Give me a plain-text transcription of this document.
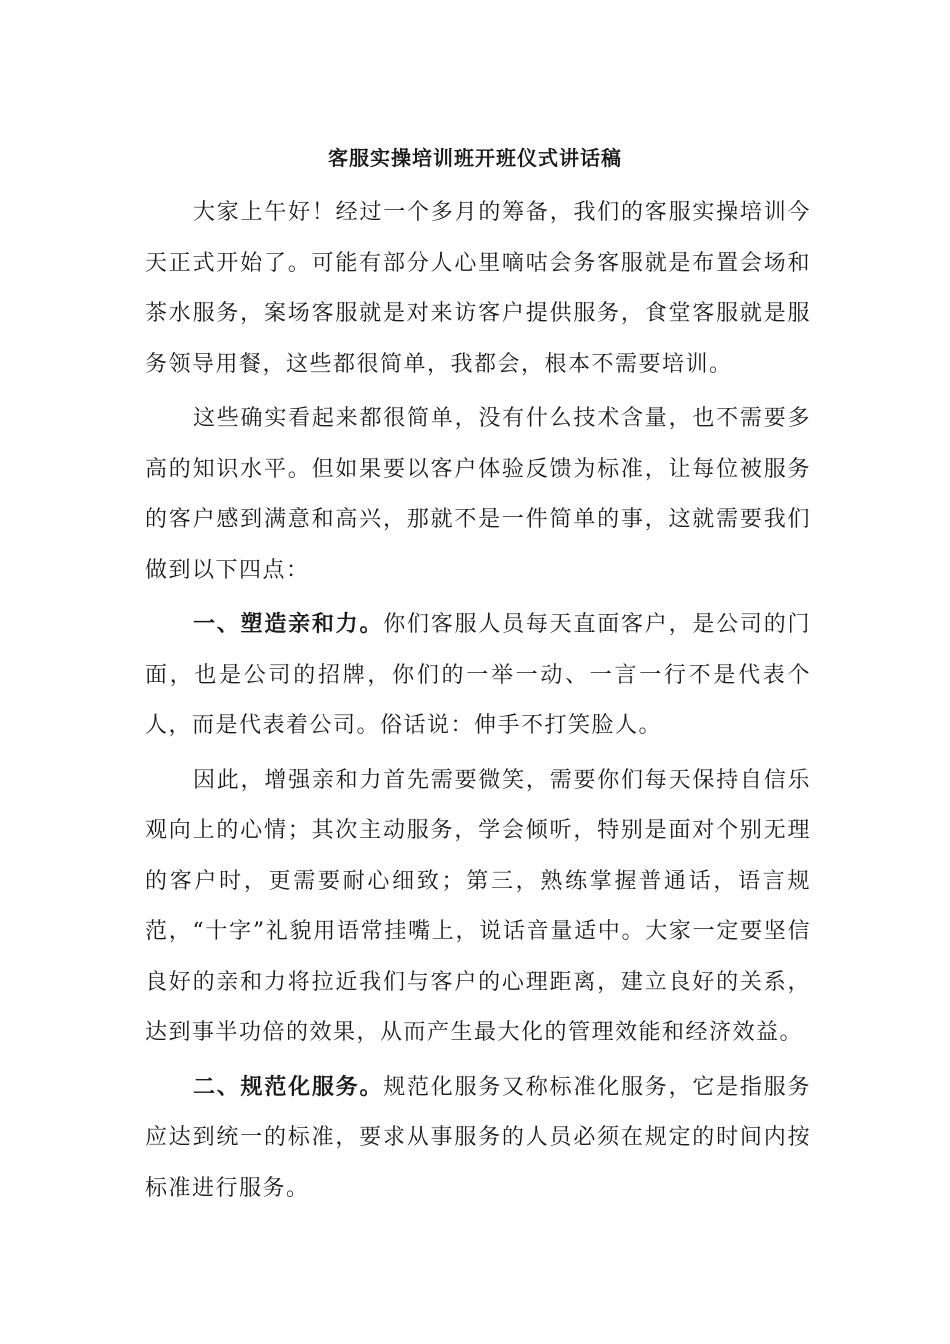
客服实操培训班开班仪式讲话稿

大家上午好！经过一个多月的筹备，我们的客服实操培训今天正式开始了。可能有部分人心里嘀咕会务客服就是布置会场和茶水服务，案场客服就是对来访客户提供服务，食堂客服就是服务领导用餐，这些都很简单，我都会，根本不需要培训。

这些确实看起来都很简单，没有什么技术含量，也不需要多高的知识水平。但如果要以客户体验反馈为标准，让每位被服务的客户感到满意和高兴，那就不是一件简单的事，这就需要我们做到以下四点：

一、塑造亲和力。你们客服人员每天直面客户，是公司的门面，也是公司的招牌，你们的一举一动、一言一行不是代表个人，而是代表着公司。俗话说：伸手不打笑脸人。

因此，增强亲和力首先需要微笑，需要你们每天保持自信乐观向上的心情；其次主动服务，学会倾听，特别是面对个别无理的客户时，更需要耐心细致；第三，熟练掌握普通话，语言规范，“十字”礼貌用语常挂嘴上，说话音量适中。大家一定要坚信良好的亲和力将拉近我们与客户的心理距离，建立良好的关系，达到事半功倍的效果，从而产生最大化的管理效能和经济效益。

二、规范化服务。规范化服务又称标准化服务，它是指服务应达到统一的标准，要求从事服务的人员必须在规定的时间内按标准进行服务。
